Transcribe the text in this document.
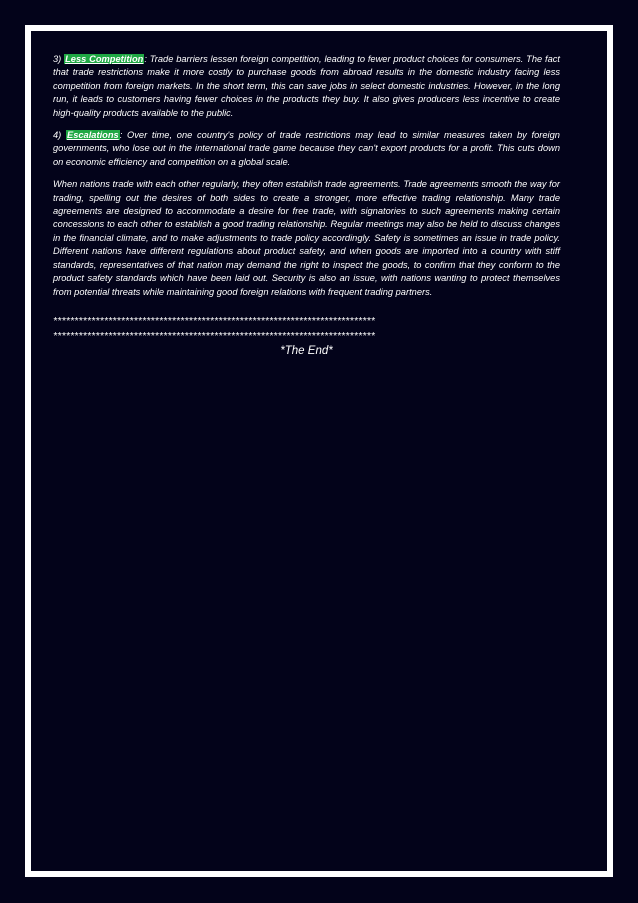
3) Less Competition: Trade barriers lessen foreign competition, leading to fewer product choices for consumers. The fact that trade restrictions make it more costly to purchase goods from abroad results in the domestic industry facing less competition from foreign markets. In the short term, this can save jobs in select domestic industries. However, in the long run, it leads to customers having fewer choices in the products they buy. It also gives producers less incentive to create high-quality products available to the public.

4) Escalations: Over time, one country's policy of trade restrictions may lead to similar measures taken by foreign governments, who lose out in the international trade game because they can't export products for a profit. This cuts down on economic efficiency and competition on a global scale.

When nations trade with each other regularly, they often establish trade agreements. Trade agreements smooth the way for trading, spelling out the desires of both sides to create a stronger, more effective trading relationship. Many trade agreements are designed to accommodate a desire for free trade, with signatories to such agreements making certain concessions to each other to establish a good trading relationship. Regular meetings may also be held to discuss changes in the financial climate, and to make adjustments to trade policy accordingly. Safety is sometimes an issue in trade policy. Different nations have different regulations about product safety, and when goods are imported into a country with stiff standards, representatives of that nation may demand the right to inspect the goods, to confirm that they conform to the product safety standards which have been laid out. Security is also an issue, with nations wanting to protect themselves from potential threats while maintaining good foreign relations with frequent trading partners.

****************************************************************************
****************************************************************************
*The End*
